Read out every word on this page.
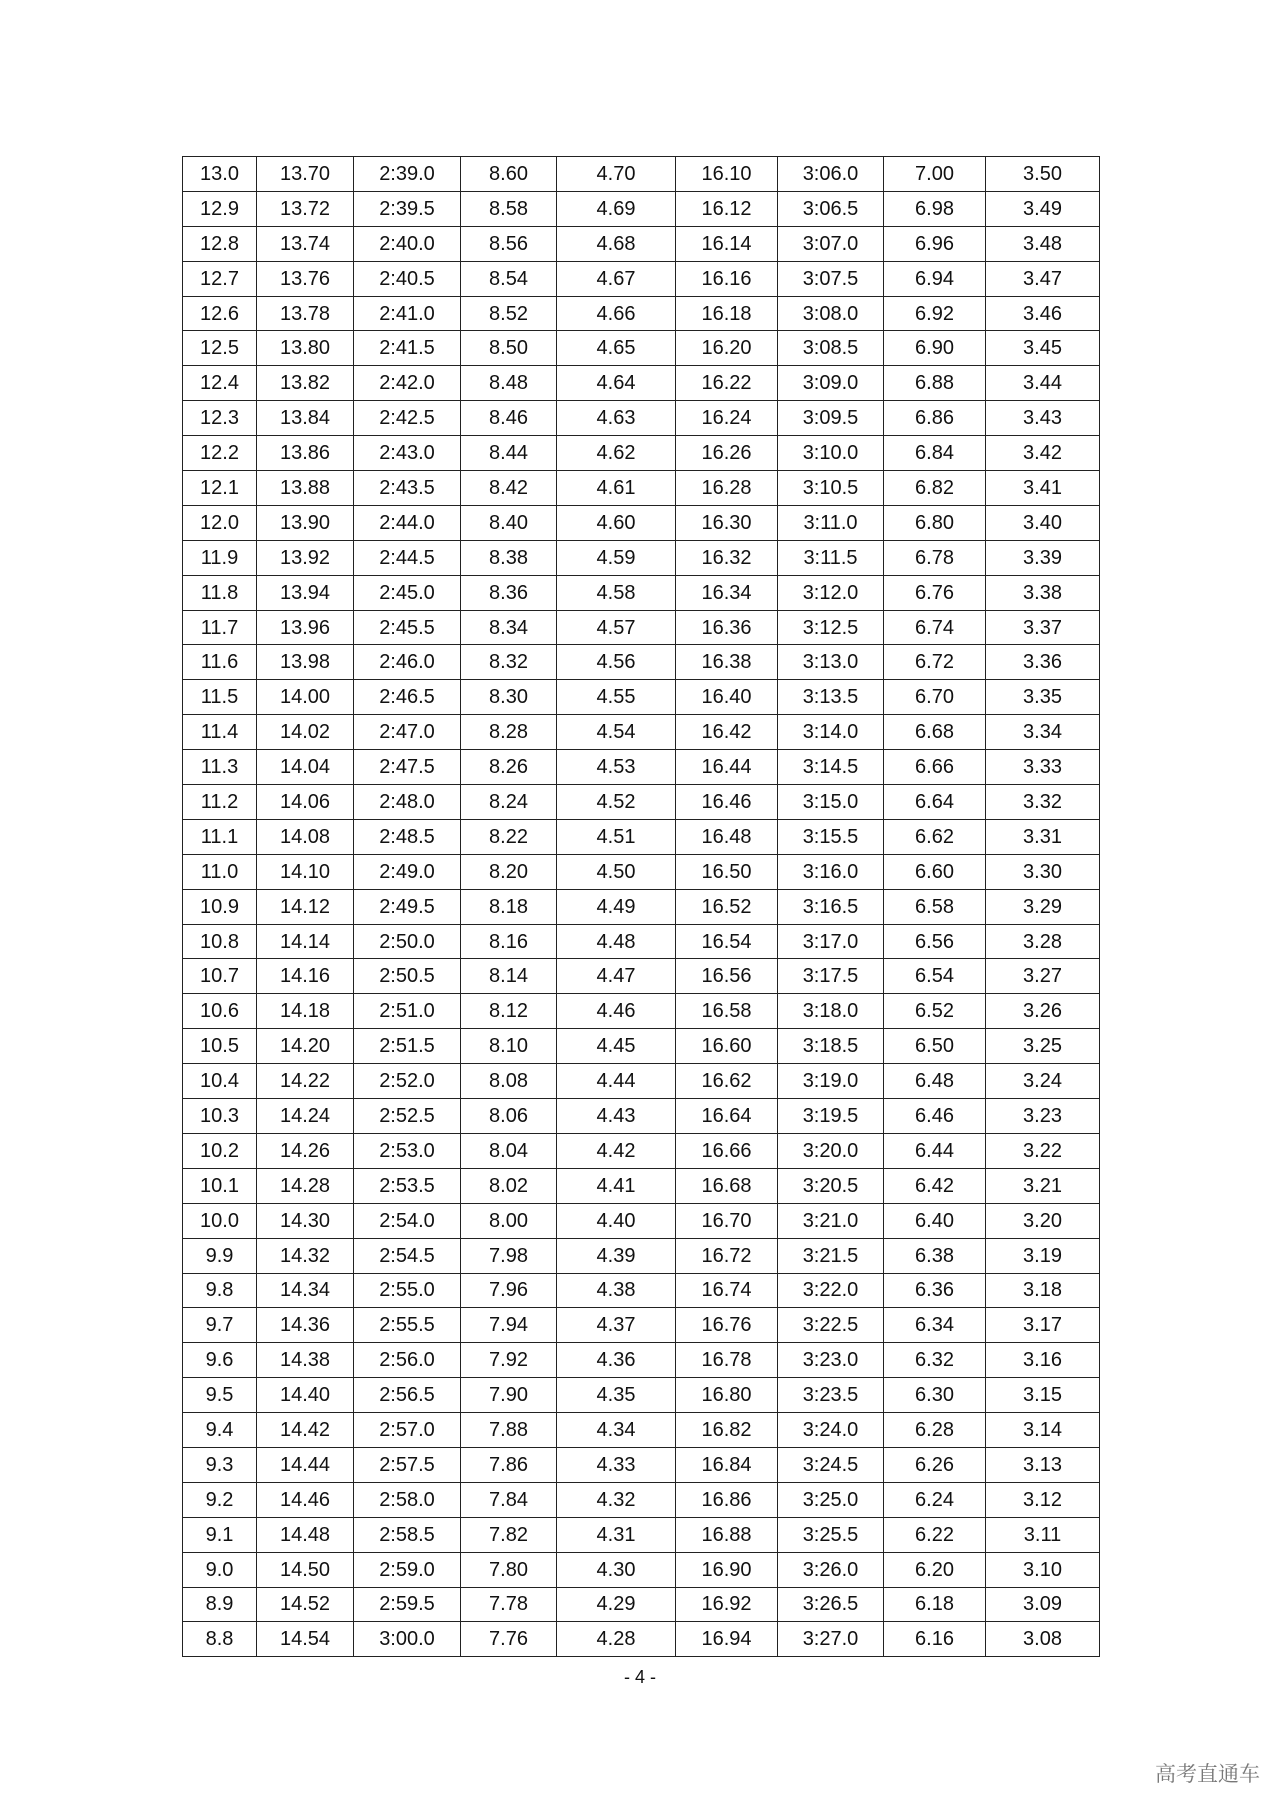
13.0	13.70	2:39.0	8.60	4.70	16.10	3:06.0	7.00	3.50
12.9	13.72	2:39.5	8.58	4.69	16.12	3:06.5	6.98	3.49
12.8	13.74	2:40.0	8.56	4.68	16.14	3:07.0	6.96	3.48
12.7	13.76	2:40.5	8.54	4.67	16.16	3:07.5	6.94	3.47
12.6	13.78	2:41.0	8.52	4.66	16.18	3:08.0	6.92	3.46
12.5	13.80	2:41.5	8.50	4.65	16.20	3:08.5	6.90	3.45
12.4	13.82	2:42.0	8.48	4.64	16.22	3:09.0	6.88	3.44
12.3	13.84	2:42.5	8.46	4.63	16.24	3:09.5	6.86	3.43
12.2	13.86	2:43.0	8.44	4.62	16.26	3:10.0	6.84	3.42
12.1	13.88	2:43.5	8.42	4.61	16.28	3:10.5	6.82	3.41
12.0	13.90	2:44.0	8.40	4.60	16.30	3:11.0	6.80	3.40
11.9	13.92	2:44.5	8.38	4.59	16.32	3:11.5	6.78	3.39
11.8	13.94	2:45.0	8.36	4.58	16.34	3:12.0	6.76	3.38
11.7	13.96	2:45.5	8.34	4.57	16.36	3:12.5	6.74	3.37
11.6	13.98	2:46.0	8.32	4.56	16.38	3:13.0	6.72	3.36
11.5	14.00	2:46.5	8.30	4.55	16.40	3:13.5	6.70	3.35
11.4	14.02	2:47.0	8.28	4.54	16.42	3:14.0	6.68	3.34
11.3	14.04	2:47.5	8.26	4.53	16.44	3:14.5	6.66	3.33
11.2	14.06	2:48.0	8.24	4.52	16.46	3:15.0	6.64	3.32
11.1	14.08	2:48.5	8.22	4.51	16.48	3:15.5	6.62	3.31
11.0	14.10	2:49.0	8.20	4.50	16.50	3:16.0	6.60	3.30
10.9	14.12	2:49.5	8.18	4.49	16.52	3:16.5	6.58	3.29
10.8	14.14	2:50.0	8.16	4.48	16.54	3:17.0	6.56	3.28
10.7	14.16	2:50.5	8.14	4.47	16.56	3:17.5	6.54	3.27
10.6	14.18	2:51.0	8.12	4.46	16.58	3:18.0	6.52	3.26
10.5	14.20	2:51.5	8.10	4.45	16.60	3:18.5	6.50	3.25
10.4	14.22	2:52.0	8.08	4.44	16.62	3:19.0	6.48	3.24
10.3	14.24	2:52.5	8.06	4.43	16.64	3:19.5	6.46	3.23
10.2	14.26	2:53.0	8.04	4.42	16.66	3:20.0	6.44	3.22
10.1	14.28	2:53.5	8.02	4.41	16.68	3:20.5	6.42	3.21
10.0	14.30	2:54.0	8.00	4.40	16.70	3:21.0	6.40	3.20
9.9	14.32	2:54.5	7.98	4.39	16.72	3:21.5	6.38	3.19
9.8	14.34	2:55.0	7.96	4.38	16.74	3:22.0	6.36	3.18
9.7	14.36	2:55.5	7.94	4.37	16.76	3:22.5	6.34	3.17
9.6	14.38	2:56.0	7.92	4.36	16.78	3:23.0	6.32	3.16
9.5	14.40	2:56.5	7.90	4.35	16.80	3:23.5	6.30	3.15
9.4	14.42	2:57.0	7.88	4.34	16.82	3:24.0	6.28	3.14
9.3	14.44	2:57.5	7.86	4.33	16.84	3:24.5	6.26	3.13
9.2	14.46	2:58.0	7.84	4.32	16.86	3:25.0	6.24	3.12
9.1	14.48	2:58.5	7.82	4.31	16.88	3:25.5	6.22	3.11
9.0	14.50	2:59.0	7.80	4.30	16.90	3:26.0	6.20	3.10
8.9	14.52	2:59.5	7.78	4.29	16.92	3:26.5	6.18	3.09
8.8	14.54	3:00.0	7.76	4.28	16.94	3:27.0	6.16	3.08
- 4 -
高考直通车
